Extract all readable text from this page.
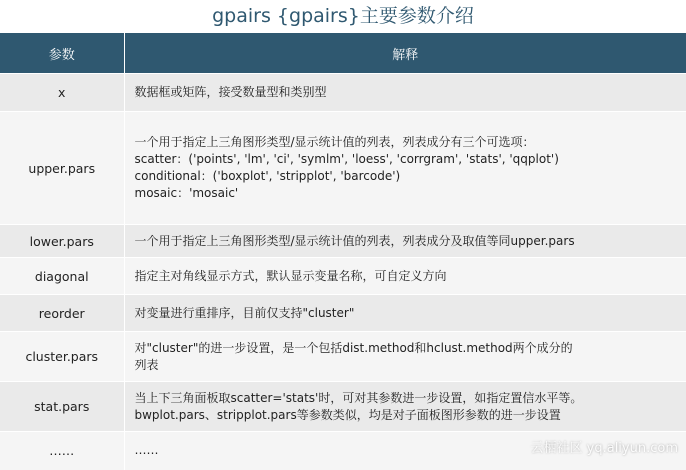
gpairs {gpairs}主要参数介绍
参数	解释
x	数据框或矩阵，接受数量型和类别型

upper.pars	一个用于指定上三角图形类型/显示统计值的列表，列表成分有三个可选项：
scatter：('points', 'lm', 'ci', 'symlm', 'loess', 'corrgram', 'stats', 'qqplot')
conditional：('boxplot', 'stripplot', 'barcode')
mosaic：'mosaic'

lower.pars	一个用于指定上三角图形类型/显示统计值的列表，列表成分及取值等同upper.pars

diagonal	指定主对角线显示方式，默认显示变量名称，可自定义方向

reorder	对变量进行重排序，目前仅支持"cluster"

cluster.pars	对"cluster"的进一步设置，是一个包括dist.method和hclust.method两个成分的
列表

stat.pars	当上下三角面板取scatter='stats'时，可对其参数进一步设置，如指定置信水平等。
bwplot.pars、stripplot.pars等参数类似，均是对子面板图形参数的进一步设置

……	……	云栖社区 yq.aliyun.com
